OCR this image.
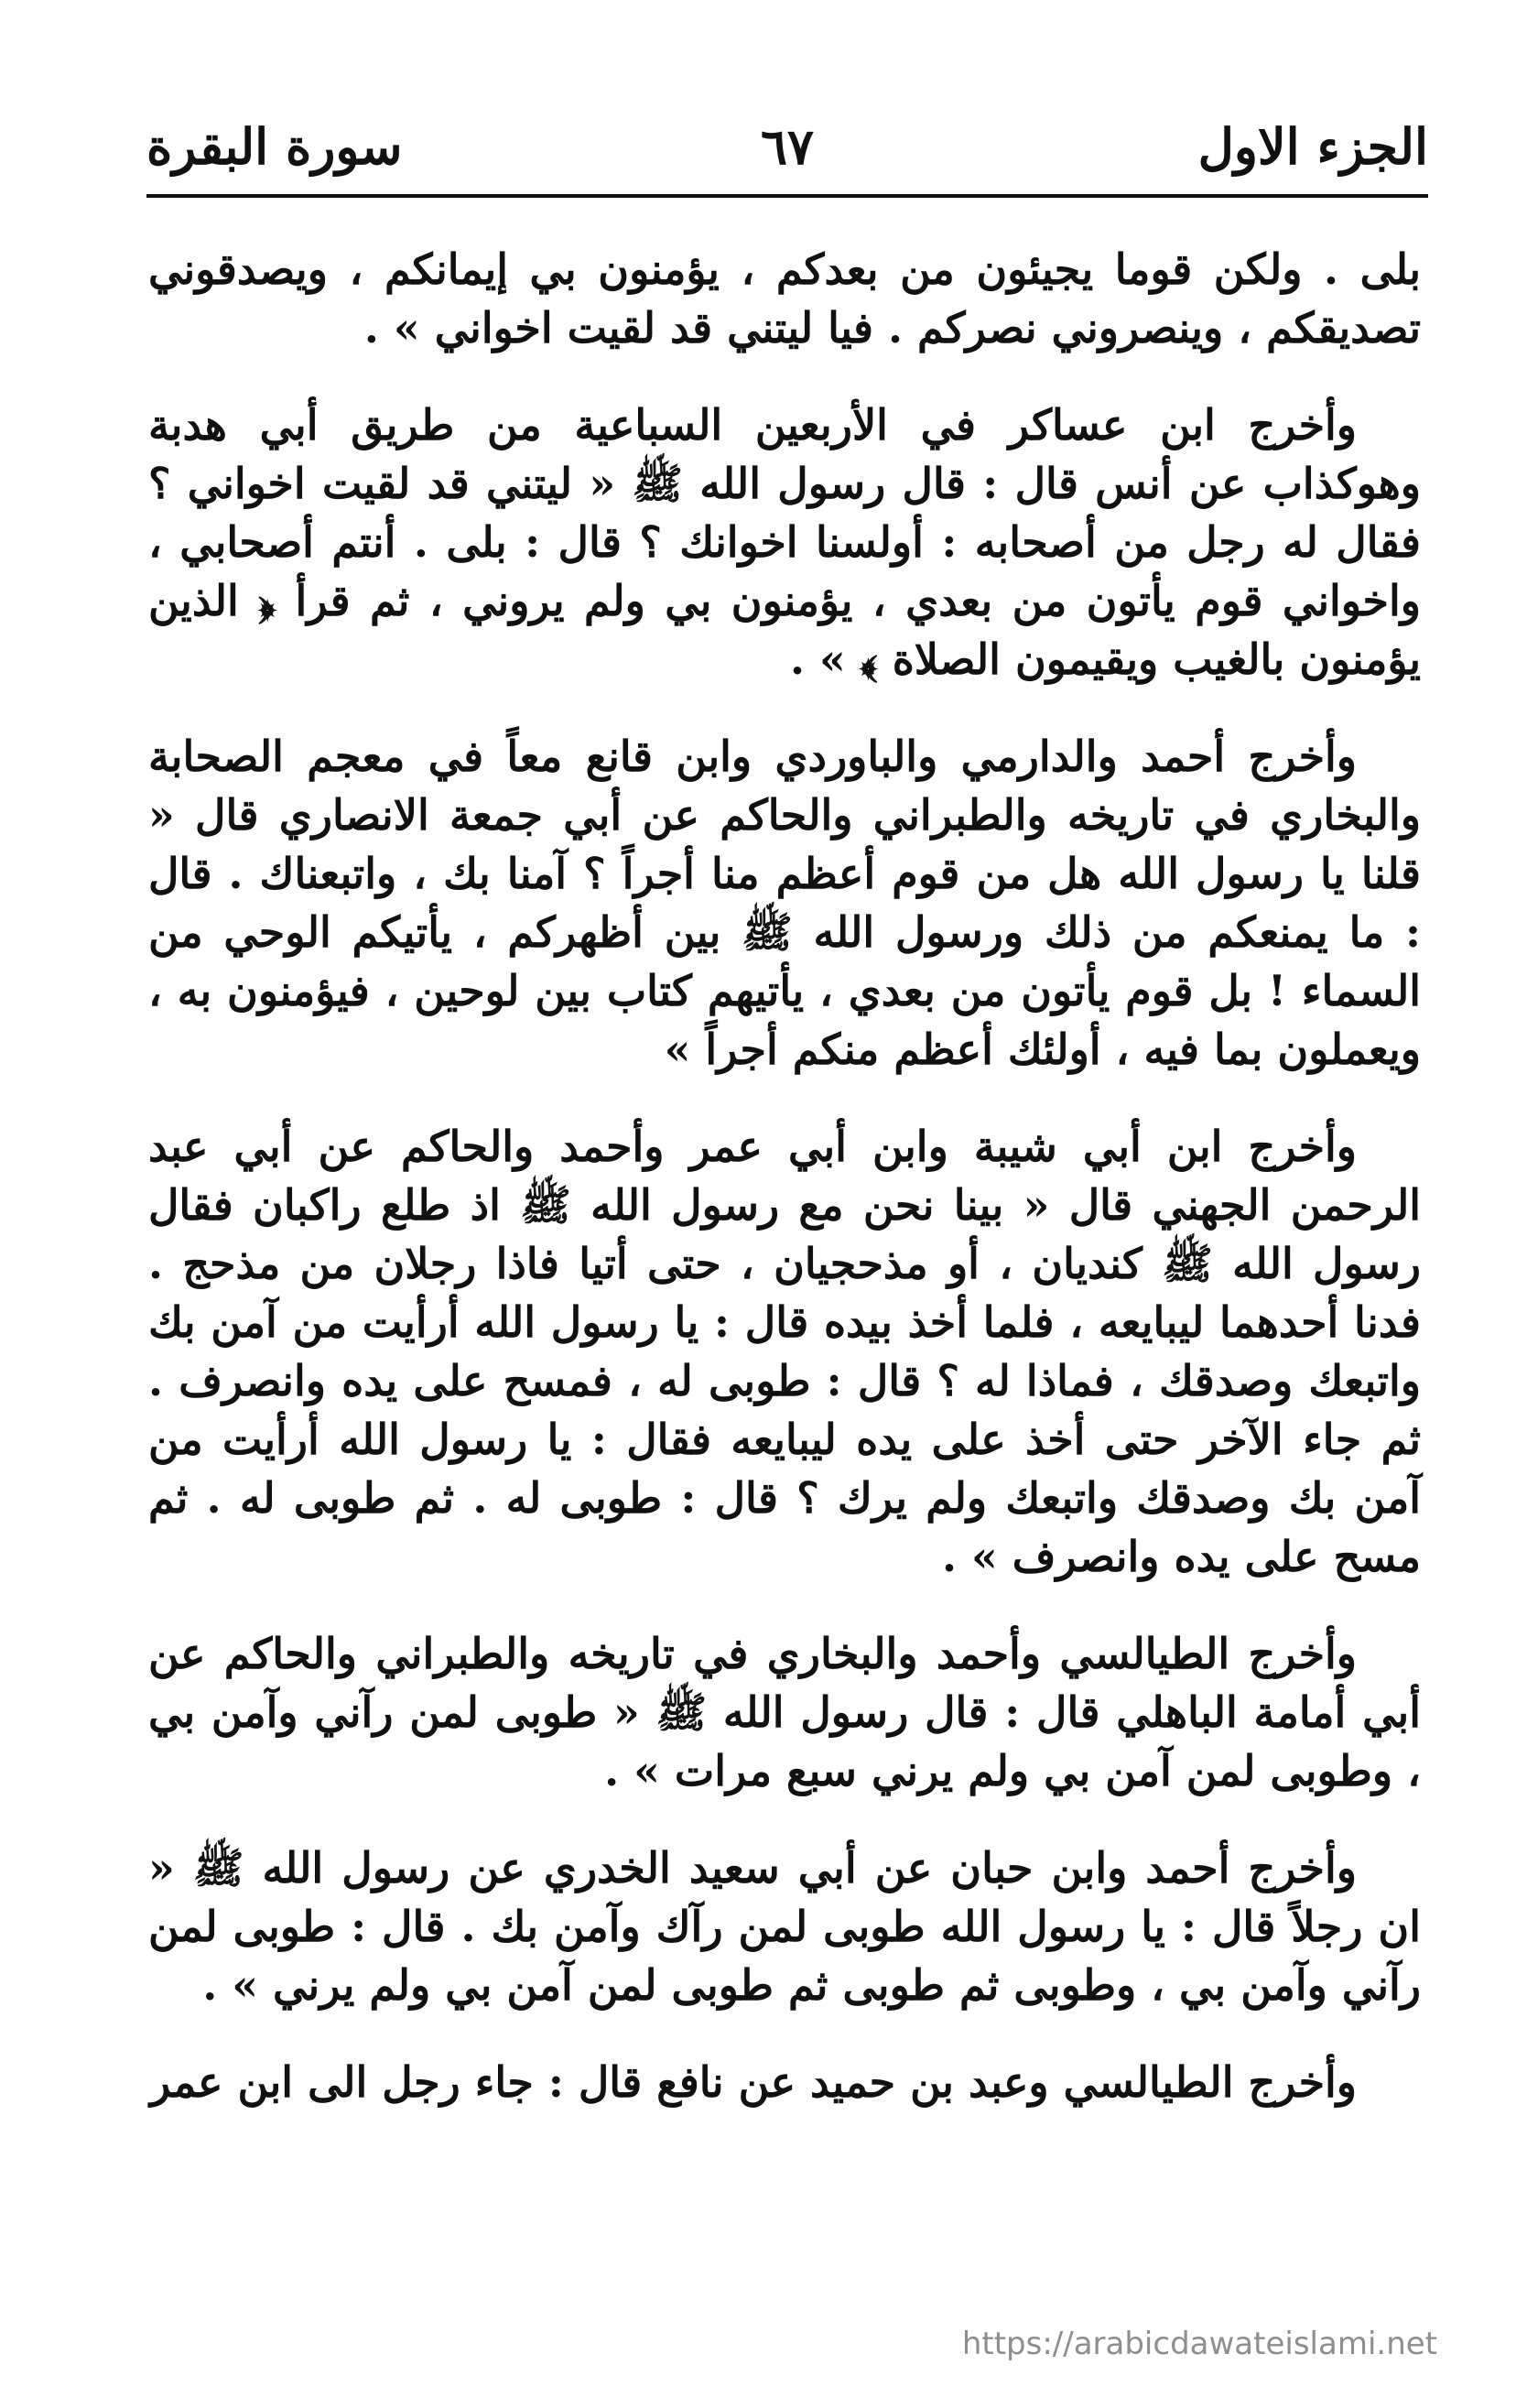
الجزء الاول
٦٧
سورة البقرة

بلى . ولكن قوما يجيئون من بعدكم ، يؤمنون بي إيمانكم ، ويصدقوني تصديقكم ، وينصروني نصركم . فيا ليتني قد لقيت اخواني » .

وأخرج ابن عساكر في الأربعين السباعية من طريق أبي هدبة وهوكذاب عن أنس قال : قال رسول الله ﷺ « ليتني قد لقيت اخواني ؟ فقال له رجل من أصحابه : أولسنا اخوانك ؟ قال : بلى . أنتم أصحابي ، واخواني قوم يأتون من بعدي ، يؤمنون بي ولم يروني ، ثم قرأ ﴿ الذين يؤمنون بالغيب ويقيمون الصلاة ﴾ » .

وأخرج أحمد والدارمي والباوردي وابن قانع معاً في معجم الصحابة والبخاري في تاريخه والطبراني والحاكم عن أبي جمعة الانصاري قال « قلنا يا رسول الله هل من قوم أعظم منا أجراً ؟ آمنا بك ، واتبعناك . قال : ما يمنعكم من ذلك ورسول الله ﷺ بين أظهركم ، يأتيكم الوحي من السماء ! بل قوم يأتون من بعدي ، يأتيهم كتاب بين لوحين ، فيؤمنون به ، ويعملون بما فيه ، أولئك أعظم منكم أجراً »

وأخرج ابن أبي شيبة وابن أبي عمر وأحمد والحاكم عن أبي عبد الرحمن الجهني قال « بينا نحن مع رسول الله ﷺ اذ طلع راكبان فقال رسول الله ﷺ كنديان ، أو مذحجيان ، حتى أتيا فاذا رجلان من مذحج . فدنا أحدهما ليبايعه ، فلما أخذ بيده قال : يا رسول الله أرأيت من آمن بك واتبعك وصدقك ، فماذا له ؟ قال : طوبى له ، فمسح على يده وانصرف . ثم جاء الآخر حتى أخذ على يده ليبايعه فقال : يا رسول الله أرأيت من آمن بك وصدقك واتبعك ولم يرك ؟ قال : طوبى له . ثم طوبى له . ثم مسح على يده وانصرف » .

وأخرج الطيالسي وأحمد والبخاري في تاريخه والطبراني والحاكم عن أبي أمامة الباهلي قال : قال رسول الله ﷺ « طوبى لمن رآني وآمن بي ، وطوبى لمن آمن بي ولم يرني سبع مرات » .

وأخرج أحمد وابن حبان عن أبي سعيد الخدري عن رسول الله ﷺ « ان رجلاً قال : يا رسول الله طوبى لمن رآك وآمن بك . قال : طوبى لمن رآني وآمن بي ، وطوبى ثم طوبى ثم طوبى لمن آمن بي ولم يرني » .

وأخرج الطيالسي وعبد بن حميد عن نافع قال : جاء رجل الى ابن عمر

https://arabicdawateislami.net
